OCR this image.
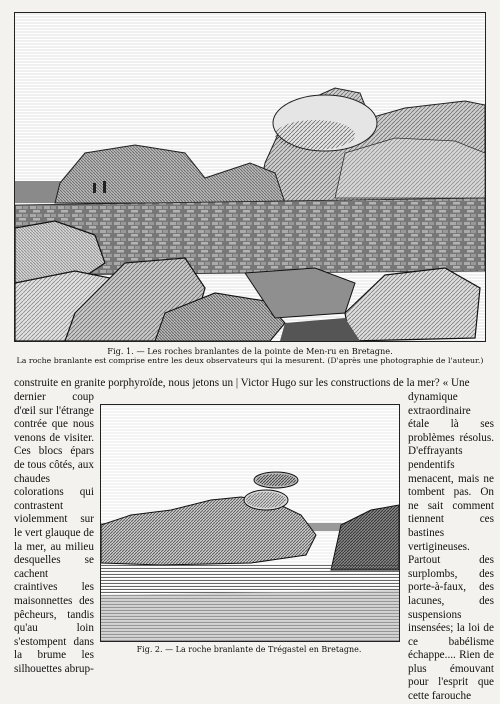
Fig. 1. — Les roches branlantes de la pointe de Men-ru en Bretagne.
La roche branlante est comprise entre les deux observateurs qui la mesurent. (D'après une photographie de l'auteur.)
construite en granite porphyroïde, nous jetons un | Victor Hugo sur les constructions de la mer? « Une
dernier coup d'œil sur l'étrange contrée que nous venons de visiter. Ces blocs épars de tous côtés, aux chaudes colorations qui contrastent violemment sur le vert glauque de la mer, au milieu desquelles se cachent craintives les maisonnettes des pêcheurs, tandis qu'au loin s'estompent dans la brume les silhouettes abrup-
dynamique extraordinaire étale là ses problèmes résolus. D'effrayants pendentifs menacent, mais ne tombent pas. On ne sait comment tiennent ces bastines vertigineuses. Partout des surplombs, des porte-à-faux, des lacunes, des suspensions insensées; la loi de ce babélisme échappe.... Rien de plus émouvant pour l'esprit que cette farouche
Fig. 2. — La roche branlante de Trégastel en Bretagne.
